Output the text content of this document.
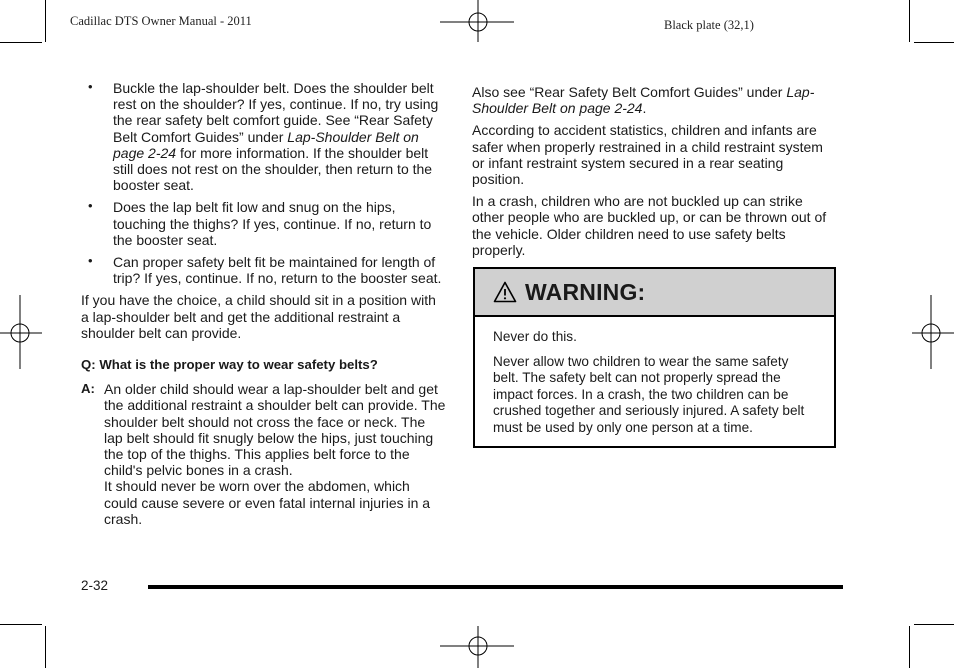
Cadillac DTS Owner Manual - 2011	Black plate (32,1)
• Buckle the lap-shoulder belt. Does the shoulder belt rest on the shoulder? If yes, continue. If no, try using the rear safety belt comfort guide. See “Rear Safety Belt Comfort Guides” under Lap-Shoulder Belt on page 2-24 for more information. If the shoulder belt still does not rest on the shoulder, then return to the booster seat.
• Does the lap belt fit low and snug on the hips, touching the thighs? If yes, continue. If no, return to the booster seat.
• Can proper safety belt fit be maintained for length of trip? If yes, continue. If no, return to the booster seat.

If you have the choice, a child should sit in a position with a lap-shoulder belt and get the additional restraint a shoulder belt can provide.

Q: What is the proper way to wear safety belts?
A: An older child should wear a lap-shoulder belt and get the additional restraint a shoulder belt can provide. The shoulder belt should not cross the face or neck. The lap belt should fit snugly below the hips, just touching the top of the thighs. This applies belt force to the child's pelvic bones in a crash.
It should never be worn over the abdomen, which could cause severe or even fatal internal injuries in a crash.

Also see “Rear Safety Belt Comfort Guides” under Lap-Shoulder Belt on page 2-24.

According to accident statistics, children and infants are safer when properly restrained in a child restraint system or infant restraint system secured in a rear seating position.

In a crash, children who are not buckled up can strike other people who are buckled up, or can be thrown out of the vehicle. Older children need to use safety belts properly.

WARNING:

Never do this.

Never allow two children to wear the same safety belt. The safety belt can not properly spread the impact forces. In a crash, the two children can be crushed together and seriously injured. A safety belt must be used by only one person at a time.

2-32
